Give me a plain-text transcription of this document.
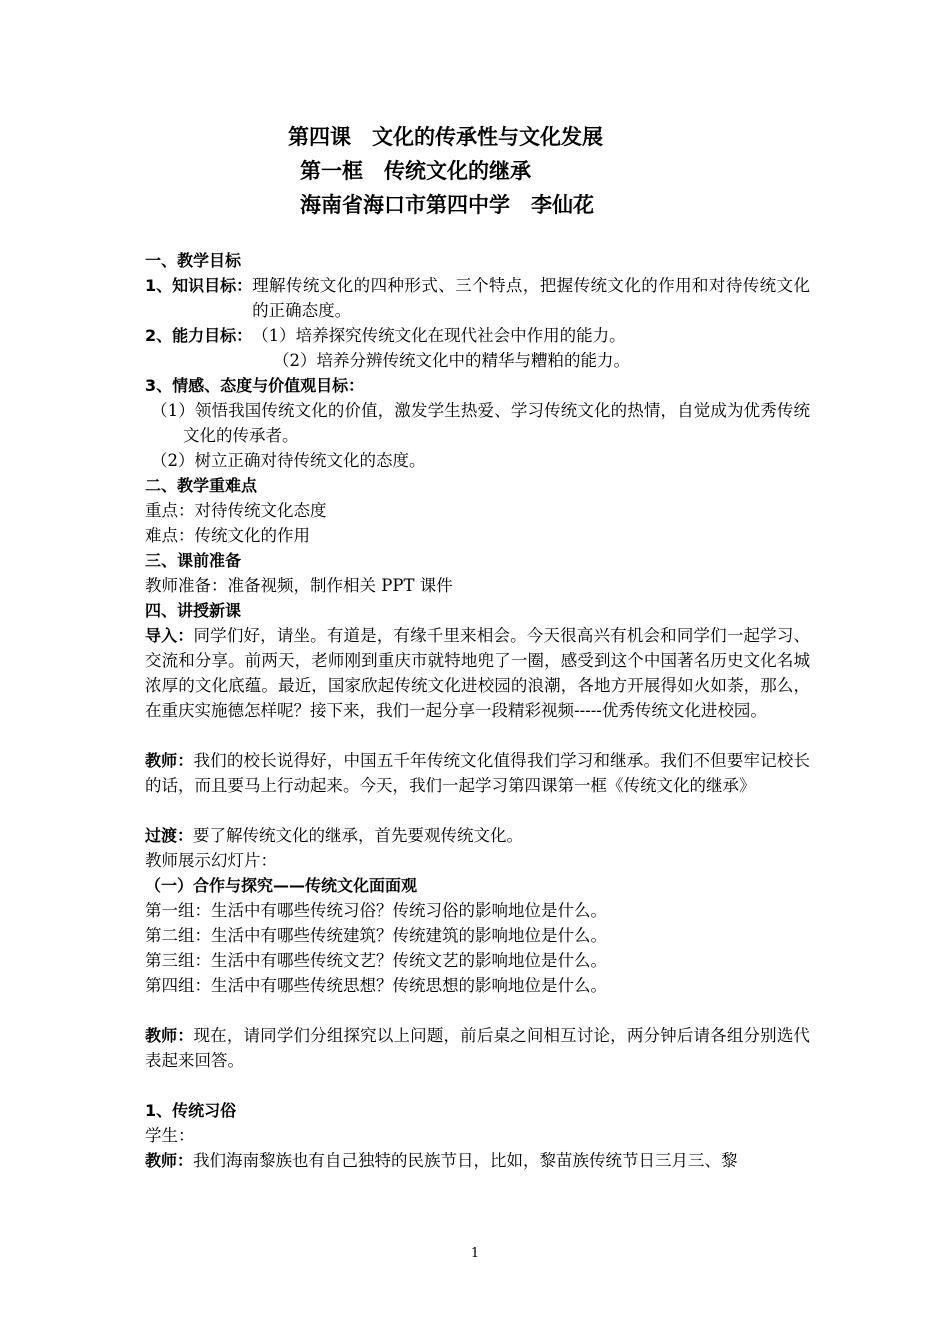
第四课　文化的传承性与文化发展
第一框　传统文化的继承
海南省海口市第四中学　李仙花

一、教学目标

1、知识目标： 理解传统文化的四种形式、三个特点，把握传统文化的作用和对待传统文化的正确态度。
2、能力目标： （1）培养探究传统文化在现代社会中作用的能力。

（2）培养分辨传统文化中的精华与糟粕的能力。

3、情感、态度与价值观目标：

（1）领悟我国传统文化的价值，激发学生热爱、学习传统文化的热情，自觉成为优秀传统文化的传承者。

（2）树立正确对待传统文化的态度。

二、教学重难点

重点：对待传统文化态度

难点：传统文化的作用

三、课前准备

教师准备：准备视频，制作相关 PPT 课件

四、讲授新课

导入：同学们好，请坐。有道是，有缘千里来相会。今天很高兴有机会和同学们一起学习、交流和分享。前两天，老师刚到重庆市就特地兜了一圈，感受到这个中国著名历史文化名城浓厚的文化底蕴。最近，国家欣起传统文化进校园的浪潮，各地方开展得如火如荼，那么，在重庆实施德怎样呢？接下来，我们一起分享一段精彩视频-----优秀传统文化进校园。

教师：我们的校长说得好，中国五千年传统文化值得我们学习和继承。我们不但要牢记校长的话，而且要马上行动起来。今天，我们一起学习第四课第一框《传统文化的继承》

过渡：要了解传统文化的继承，首先要观传统文化。

教师展示幻灯片：

（一）合作与探究——传统文化面面观

第一组：生活中有哪些传统习俗？传统习俗的影响地位是什么。

第二组：生活中有哪些传统建筑？传统建筑的影响地位是什么。

第三组：生活中有哪些传统文艺？传统文艺的影响地位是什么。

第四组：生活中有哪些传统思想？传统思想的影响地位是什么。

教师：现在，请同学们分组探究以上问题，前后桌之间相互讨论，两分钟后请各组分别选代表起来回答。

1、传统习俗

学生：

教师：我们海南黎族也有自己独特的民族节日，比如，黎苗族传统节日三月三、黎

1
